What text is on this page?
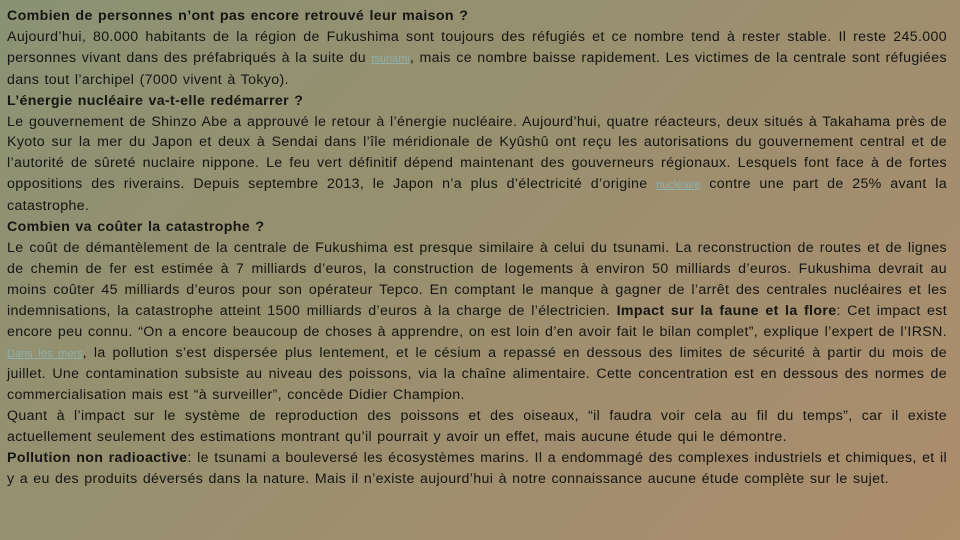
Combien de personnes n’ont pas encore retrouvé leur maison ?

Aujourd’hui, 80.000 habitants de la région de Fukushima sont toujours des réfugiés et ce nombre tend à rester stable. Il reste 245.000 personnes vivant dans des préfabriqués à la suite du tsunami, mais ce nombre baisse rapidement. Les victimes de la centrale sont réfugiées dans tout l’archipel (7000 vivent à Tokyo).

L’énergie nucléaire va-t-elle redémarrer ?

Le gouvernement de Shinzo Abe a approuvé le retour à l’énergie nucléaire. Aujourd’hui, quatre réacteurs, deux situés à Takahama près de Kyoto sur la mer du Japon et deux à Sendai dans l’île méridionale de Kyûshû ont reçu les autorisations du gouvernement central et de l’autorité de sûreté nuclaire nippone. Le feu vert définitif dépend maintenant des gouverneurs régionaux. Lesquels font face à de fortes oppositions des riverains. Depuis septembre 2013, le Japon n’a plus d’électricité d’origine nucléaire contre une part de 25% avant la catastrophe.

Combien va coûter la catastrophe ?

Le coût de démantèlement de la centrale de Fukushima est presque similaire à celui du tsunami. La reconstruction de routes et de lignes de chemin de fer est estimée à 7 milliards d’euros, la construction de logements à environ 50 milliards d’euros. Fukushima devrait au moins coûter 45 milliards d’euros pour son opérateur Tepco. En comptant le manque à gagner de l’arrêt des centrales nucléaires et les indemnisations, la catastrophe atteint 1500 milliards d’euros à la charge de l’électricien. Impact sur la faune et la flore: Cet impact est encore peu connu. “On a encore beaucoup de choses à apprendre, on est loin d’en avoir fait le bilan complet”, explique l’expert de l’IRSN. Dans les mers, la pollution s’est dispersée plus lentement, et le césium a repassé en dessous des limites de sécurité à partir du mois de juillet. Une contamination subsiste au niveau des poissons, via la chaîne alimentaire. Cette concentration est en dessous des normes de commercialisation mais est “à surveiller”, concède Didier Champion.

Quant à l’impact sur le système de reproduction des poissons et des oiseaux, “il faudra voir cela au fil du temps”, car il existe actuellement seulement des estimations montrant qu’il pourrait y avoir un effet, mais aucune étude qui le démontre.

Pollution non radioactive: le tsunami a bouleversé les écosystèmes marins. Il a endommagé des complexes industriels et chimiques, et il y a eu des produits déversés dans la nature. Mais il n’existe aujourd’hui à notre connaissance aucune étude complète sur le sujet.
